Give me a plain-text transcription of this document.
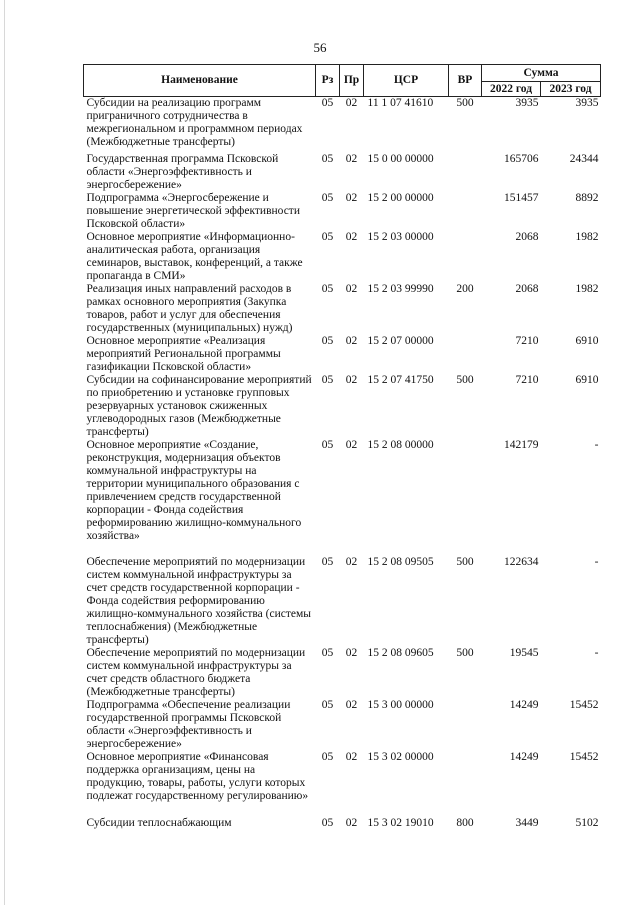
56
Наименование	Рз	Пр	ЦСР	ВР	Сумма	
					2022 год	2023 год
Субсидии на реализацию программ приграничного сотрудничества в межрегиональном и программном периодах (Межбюджетные трансферты)	05	02	11 1 07 41610	500	3935	3935
Государственная программа Псковской области «Энергоэффективность и энергосбережение»	05	02	15 0 00 00000		165706	24344
Подпрограмма «Энергосбережение и повышение энергетической эффективности Псковской области»	05	02	15 2 00 00000		151457	8892
Основное мероприятие «Информационно-аналитическая работа, организация семинаров, выставок, конференций, а также пропаганда в СМИ»	05	02	15 2 03 00000		2068	1982
Реализация иных направлений расходов в рамках основного мероприятия (Закупка товаров, работ и услуг для обеспечения государственных (муниципальных) нужд)	05	02	15 2 03 99990	200	2068	1982
Основное мероприятие «Реализация мероприятий Региональной программы газификации Псковской области»	05	02	15 2 07 00000		7210	6910
Субсидии на софинансирование мероприятий по приобретению и установке групповых резервуарных установок сжиженных углеводородных газов (Межбюджетные трансферты)	05	02	15 2 07 41750	500	7210	6910
Основное мероприятие «Создание, реконструкция, модернизация объектов коммунальной инфраструктуры на территории муниципального образования с привлечением средств государственной корпорации - Фонда содействия реформированию жилищно-коммунального хозяйства»	05	02	15 2 08 00000		142179	-
Обеспечение мероприятий по модернизации систем коммунальной инфраструктуры за счет средств государственной корпорации - Фонда содействия реформированию жилищно-коммунального хозяйства (системы теплоснабжения) (Межбюджетные трансферты)	05	02	15 2 08 09505	500	122634	-
Обеспечение мероприятий по модернизации систем коммунальной инфраструктуры за счет средств областного бюджета (Межбюджетные трансферты)	05	02	15 2 08 09605	500	19545	-
Подпрограмма «Обеспечение реализации государственной программы Псковской области «Энергоэффективность и энергосбережение»	05	02	15 3 00 00000		14249	15452
Основное мероприятие «Финансовая поддержка организациям, цены на продукцию, товары, работы, услуги которых подлежат государственному регулированию»	05	02	15 3 02 00000		14249	15452
Субсидии теплоснабжающим	05	02	15 3 02 19010	800	3449	5102
